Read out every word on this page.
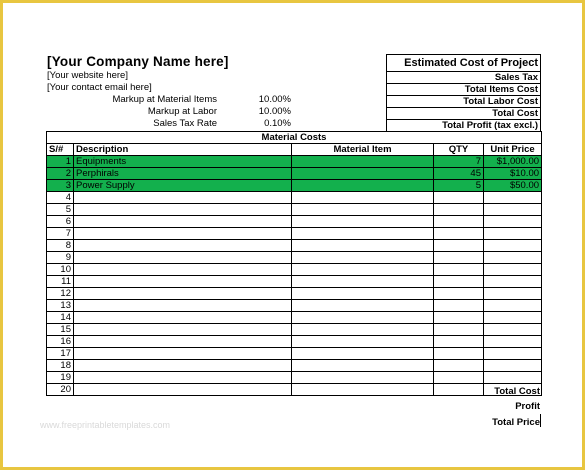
[Your Company Name here]
[Your website here]
[Your contact email here]
Markup at Material Items	10.00%
Markup at Labor	10.00%
Sales Tax Rate	0.10%
Estimated Cost of Project
Sales Tax
Total Items Cost
Total Labor Cost
Total Cost
Total Profit (tax excl.)
Material Costs				
S/#	Description	Material Item	QTY	Unit Price
1	Equipments		7	$1,000.00
2	Perphirals		45	$10.00
3	Power Supply		5	$50.00
4				
5				
6				
7				
8				
9				
10				
11				
12				
13				
14				
15				
16				
17				
18				
19				
20					Total Cost
Profit
Total Price
www.freeprintabletemplates.com
